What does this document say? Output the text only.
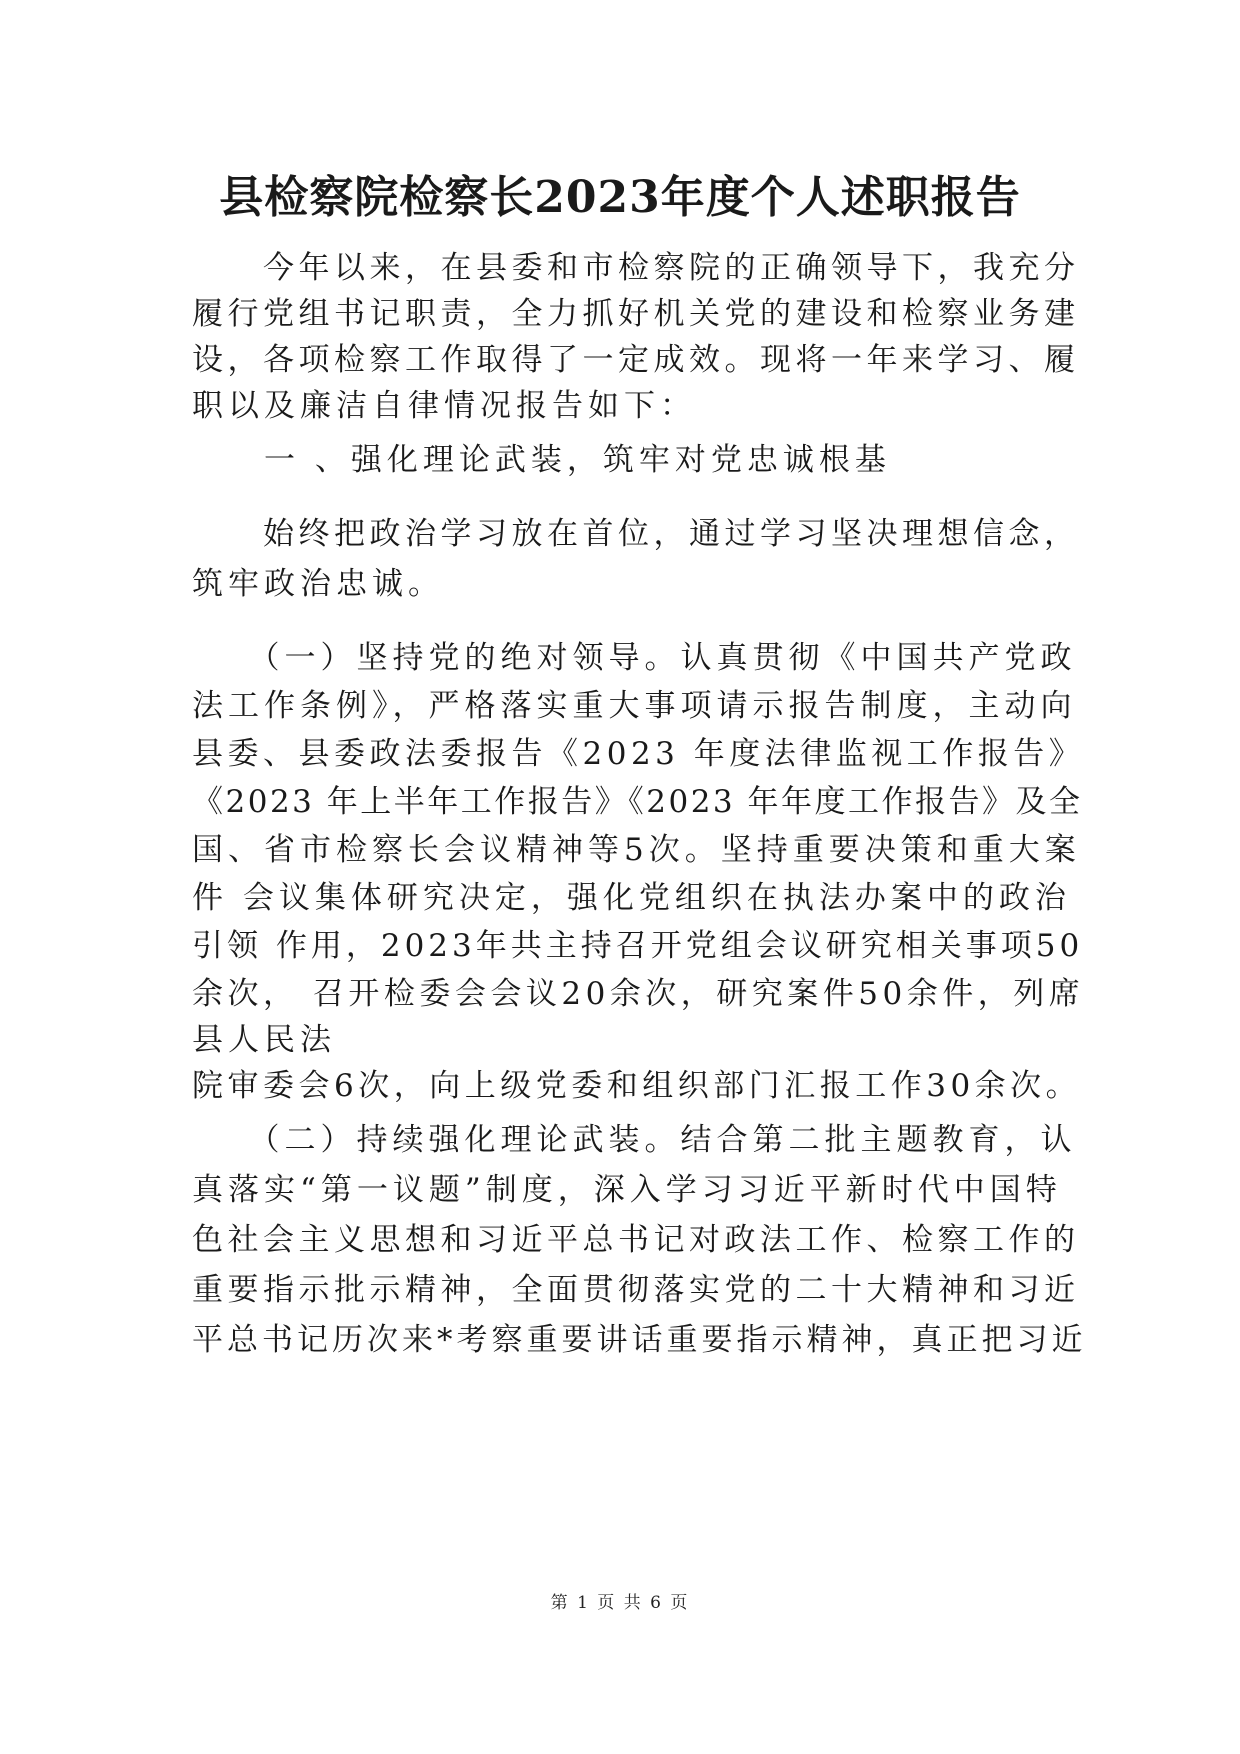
县检察院检察长2023年度个人述职报告
　　今年以来，在县委和市检察院的正确领导下，我充分
履行党组书记职责，全力抓好机关党的建设和检察业务建
设，各项检察工作取得了一定成效。现将一年来学习、履
职以及廉洁自律情况报告如下：
　　一 、强化理论武装，筑牢对党忠诚根基
　　始终把政治学习放在首位，通过学习坚决理想信念，
筑牢政治忠诚。
　　（一）坚持党的绝对领导。认真贯彻《中国共产党政
法工作条例》，严格落实重大事项请示报告制度，主动向
县委、县委政法委报告《2023 年度法律监视工作报告》
《2023 年上半年工作报告》《2023 年年度工作报告》及全
国、省市检察长会议精神等5次。坚持重要决策和重大案
件 会议集体研究决定，强化党组织在执法办案中的政治
引领 作用，2023年共主持召开党组会议研究相关事项50
余次， 召开检委会会议20余次，研究案件50余件，列席
县人民法
院审委会6次，向上级党委和组织部门汇报工作30余次。
　　（二）持续强化理论武装。结合第二批主题教育，认
真落实“第一议题”制度，深入学习习近平新时代中国特
色社会主义思想和习近平总书记对政法工作、检察工作的
重要指示批示精神，全面贯彻落实党的二十大精神和习近
平总书记历次来*考察重要讲话重要指示精神，真正把习近
第 1 页 共 6 页
